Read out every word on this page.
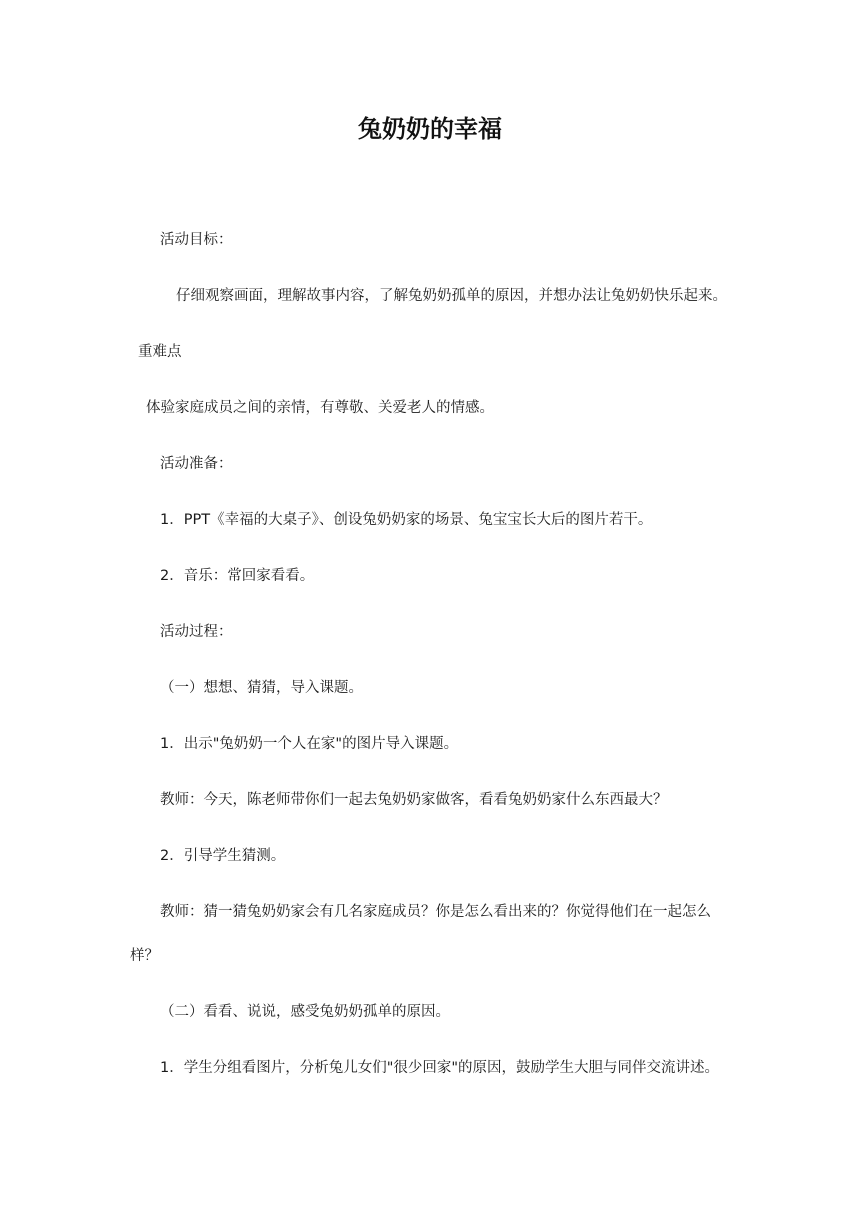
兔奶奶的幸福
活动目标：
仔细观察画面，理解故事内容，了解兔奶奶孤单的原因，并想办法让兔奶奶快乐起来。
重难点
体验家庭成员之间的亲情，有尊敬、关爱老人的情感。
活动准备：
1．PPT《幸福的大桌子》、创设兔奶奶家的场景、兔宝宝长大后的图片若干。
2．音乐：常回家看看。
活动过程：
（一）想想、猜猜，导入课题。
1．出示"兔奶奶一个人在家"的图片导入课题。
教师：今天，陈老师带你们一起去兔奶奶家做客，看看兔奶奶家什么东西最大？
2．引导学生猜测。
教师：猜一猜兔奶奶家会有几名家庭成员？你是怎么看出来的？你觉得他们在一起怎么
样？
（二）看看、说说，感受兔奶奶孤单的原因。
1．学生分组看图片，分析兔儿女们"很少回家"的原因，鼓励学生大胆与同伴交流讲述。
